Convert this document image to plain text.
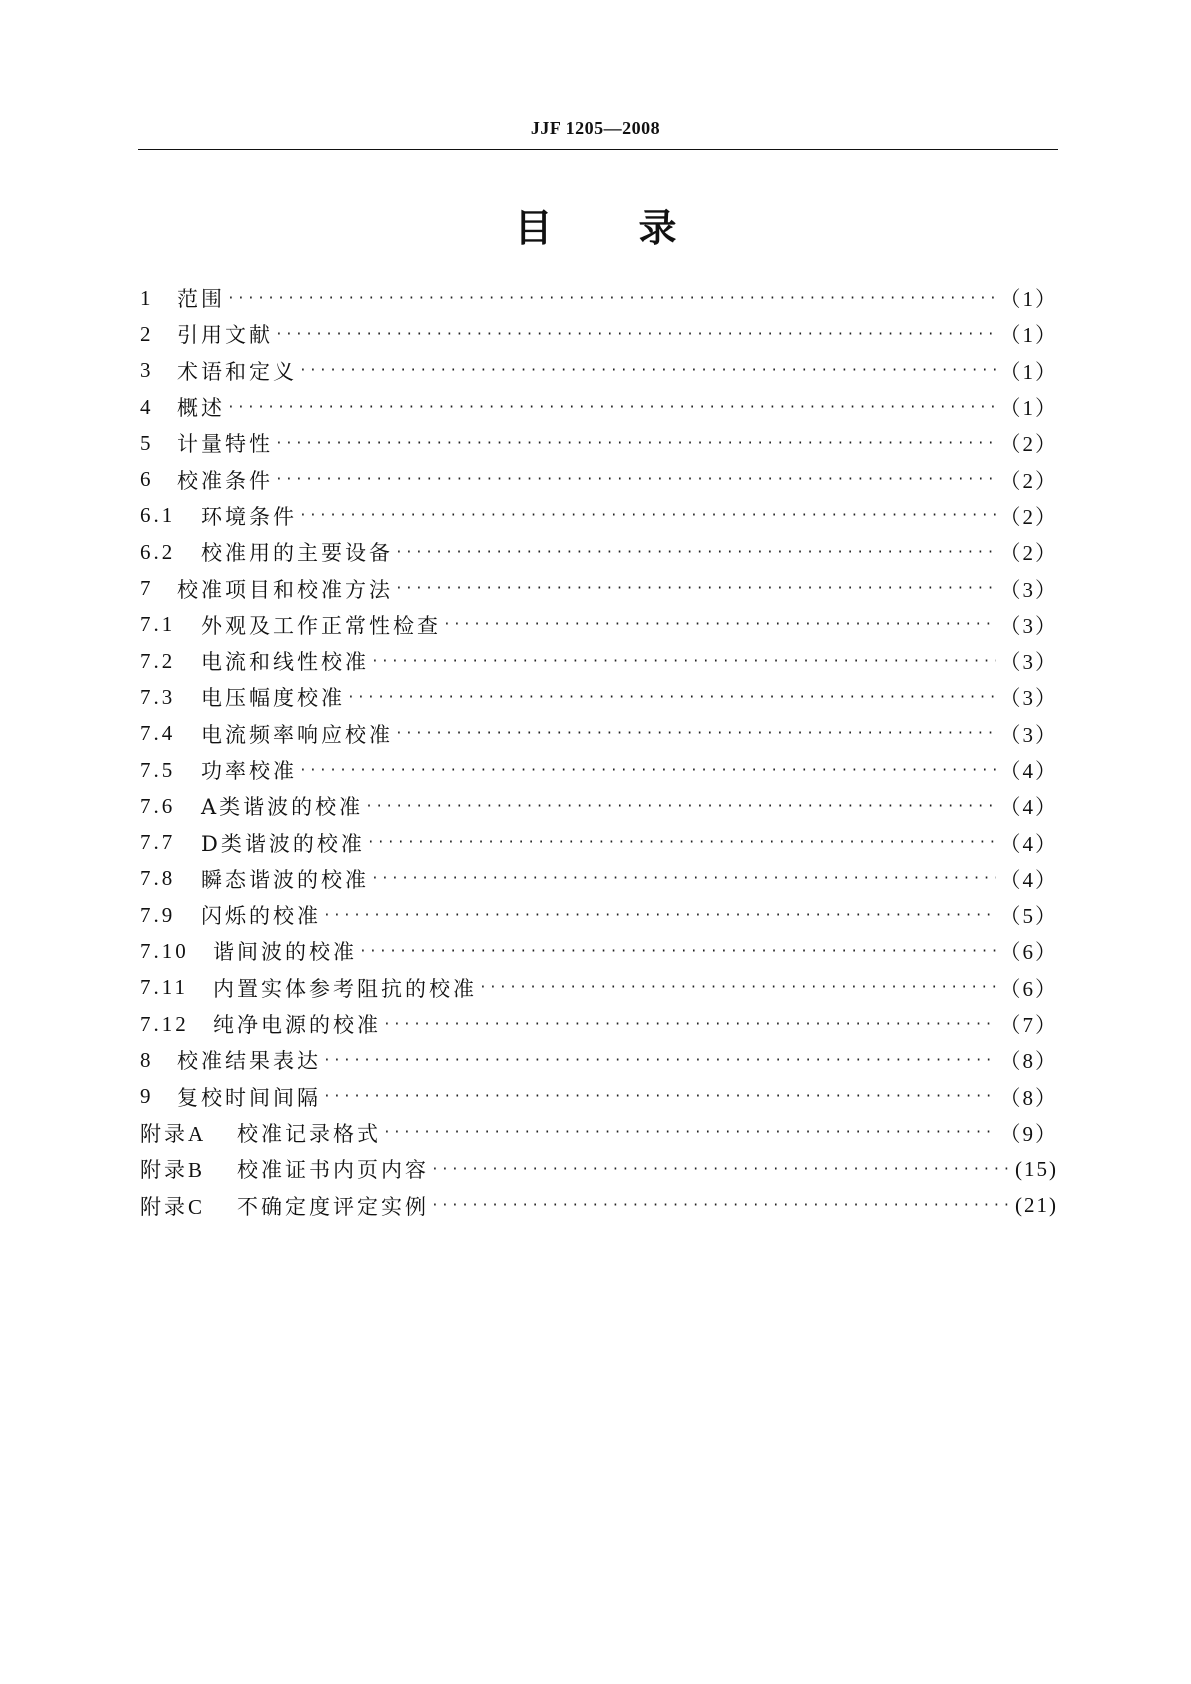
JJF 1205—2008
目 录
1	范围 ·····	（1）
2	引用文献 ·····	（1）
3	术语和定义 ·····	（1）
4	概述 ·····	（1）
5	计量特性 ·····	（2）
6	校准条件 ·····	（2）
6.1	环境条件 ·····	（2）
6.2	校准用的主要设备 ·····	（2）
7	校准项目和校准方法 ·····	（3）
7.1	外观及工作正常性检查 ·····	（3）
7.2	电流和线性校准 ·····	（3）
7.3	电压幅度校准 ·····	（3）
7.4	电流频率响应校准 ·····	（3）
7.5	功率校准 ·····	（4）
7.6	A类谐波的校准 ·····	（4）
7.7	D类谐波的校准 ·····	（4）
7.8	瞬态谐波的校准 ·····	（4）
7.9	闪烁的校准 ·····	（5）
7.10	谐间波的校准 ·····	（6）
7.11	内置实体参考阻抗的校准 ·····	（6）
7.12	纯净电源的校准 ·····	（7）
8	校准结果表达 ·····	（8）
9	复校时间间隔 ·····	（8）
附录A	校准记录格式 ·····	（9）
附录B	校准证书内页内容 ·····	(15)
附录C	不确定度评定实例 ·····	(21)
